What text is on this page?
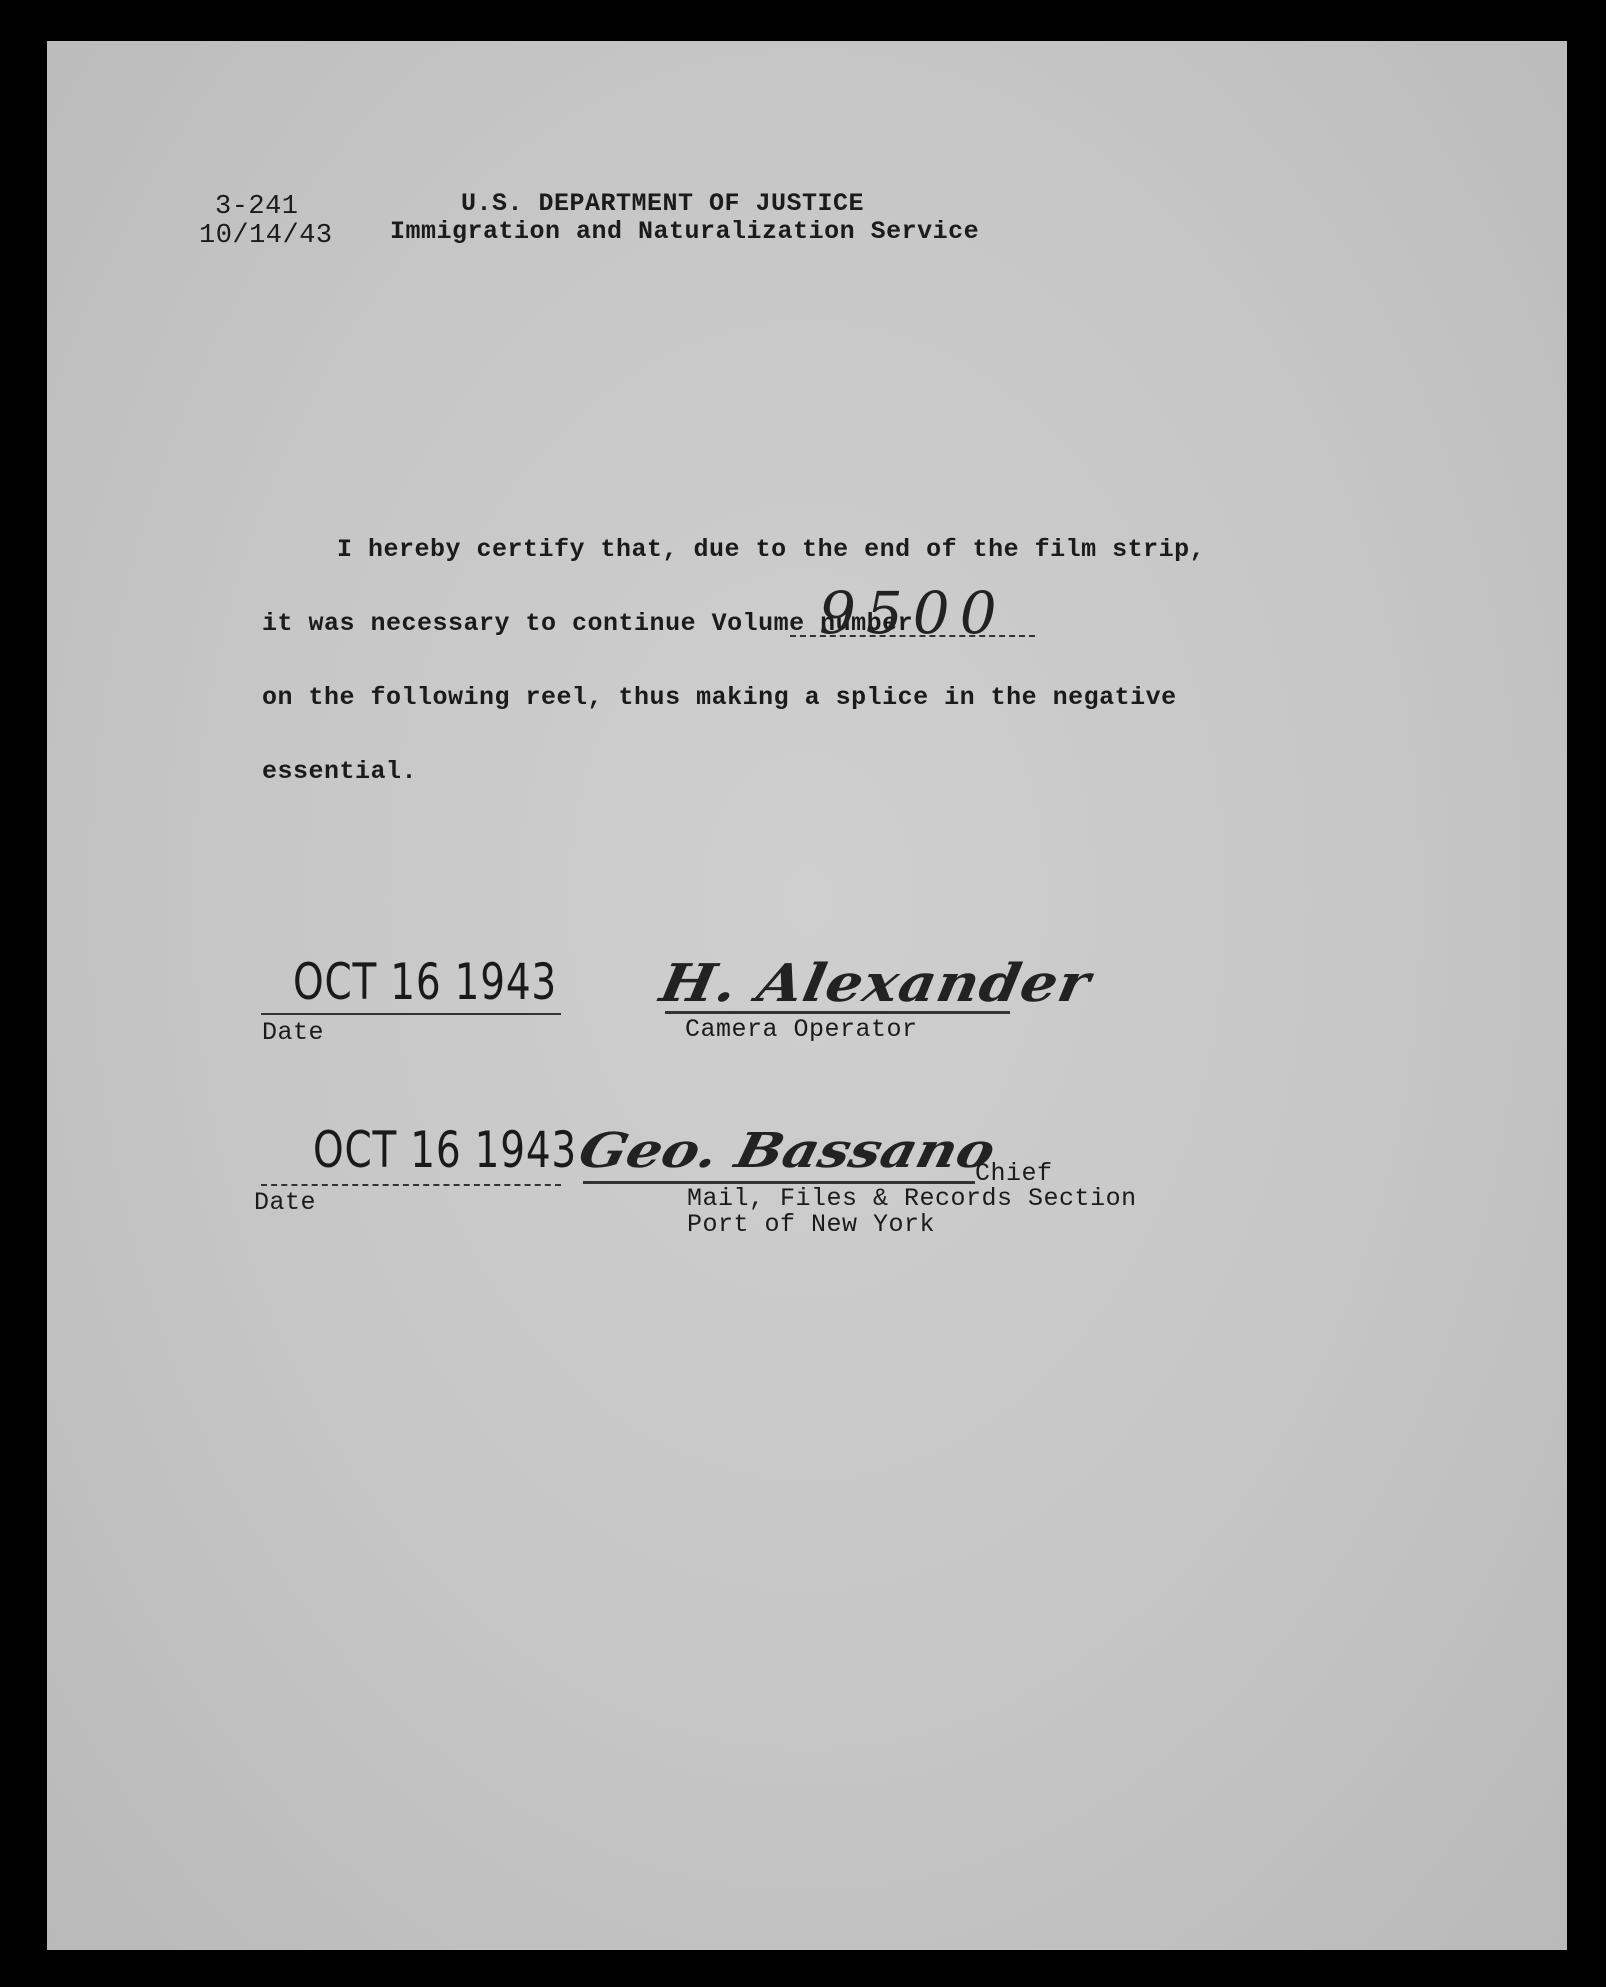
3-241
10/14/43
U.S. DEPARTMENT OF JUSTICE
Immigration and Naturalization Service
I hereby certify that, due to the end of the film strip,
it was necessary to continue Volume number
9500
on the following reel, thus making a splice in the negative
essential.
OCT 16 1943
Date
H. Alexander
Camera Operator
OCT 16 1943
Date
Geo. Bassano
Chief
Mail, Files & Records Section
Port of New York
